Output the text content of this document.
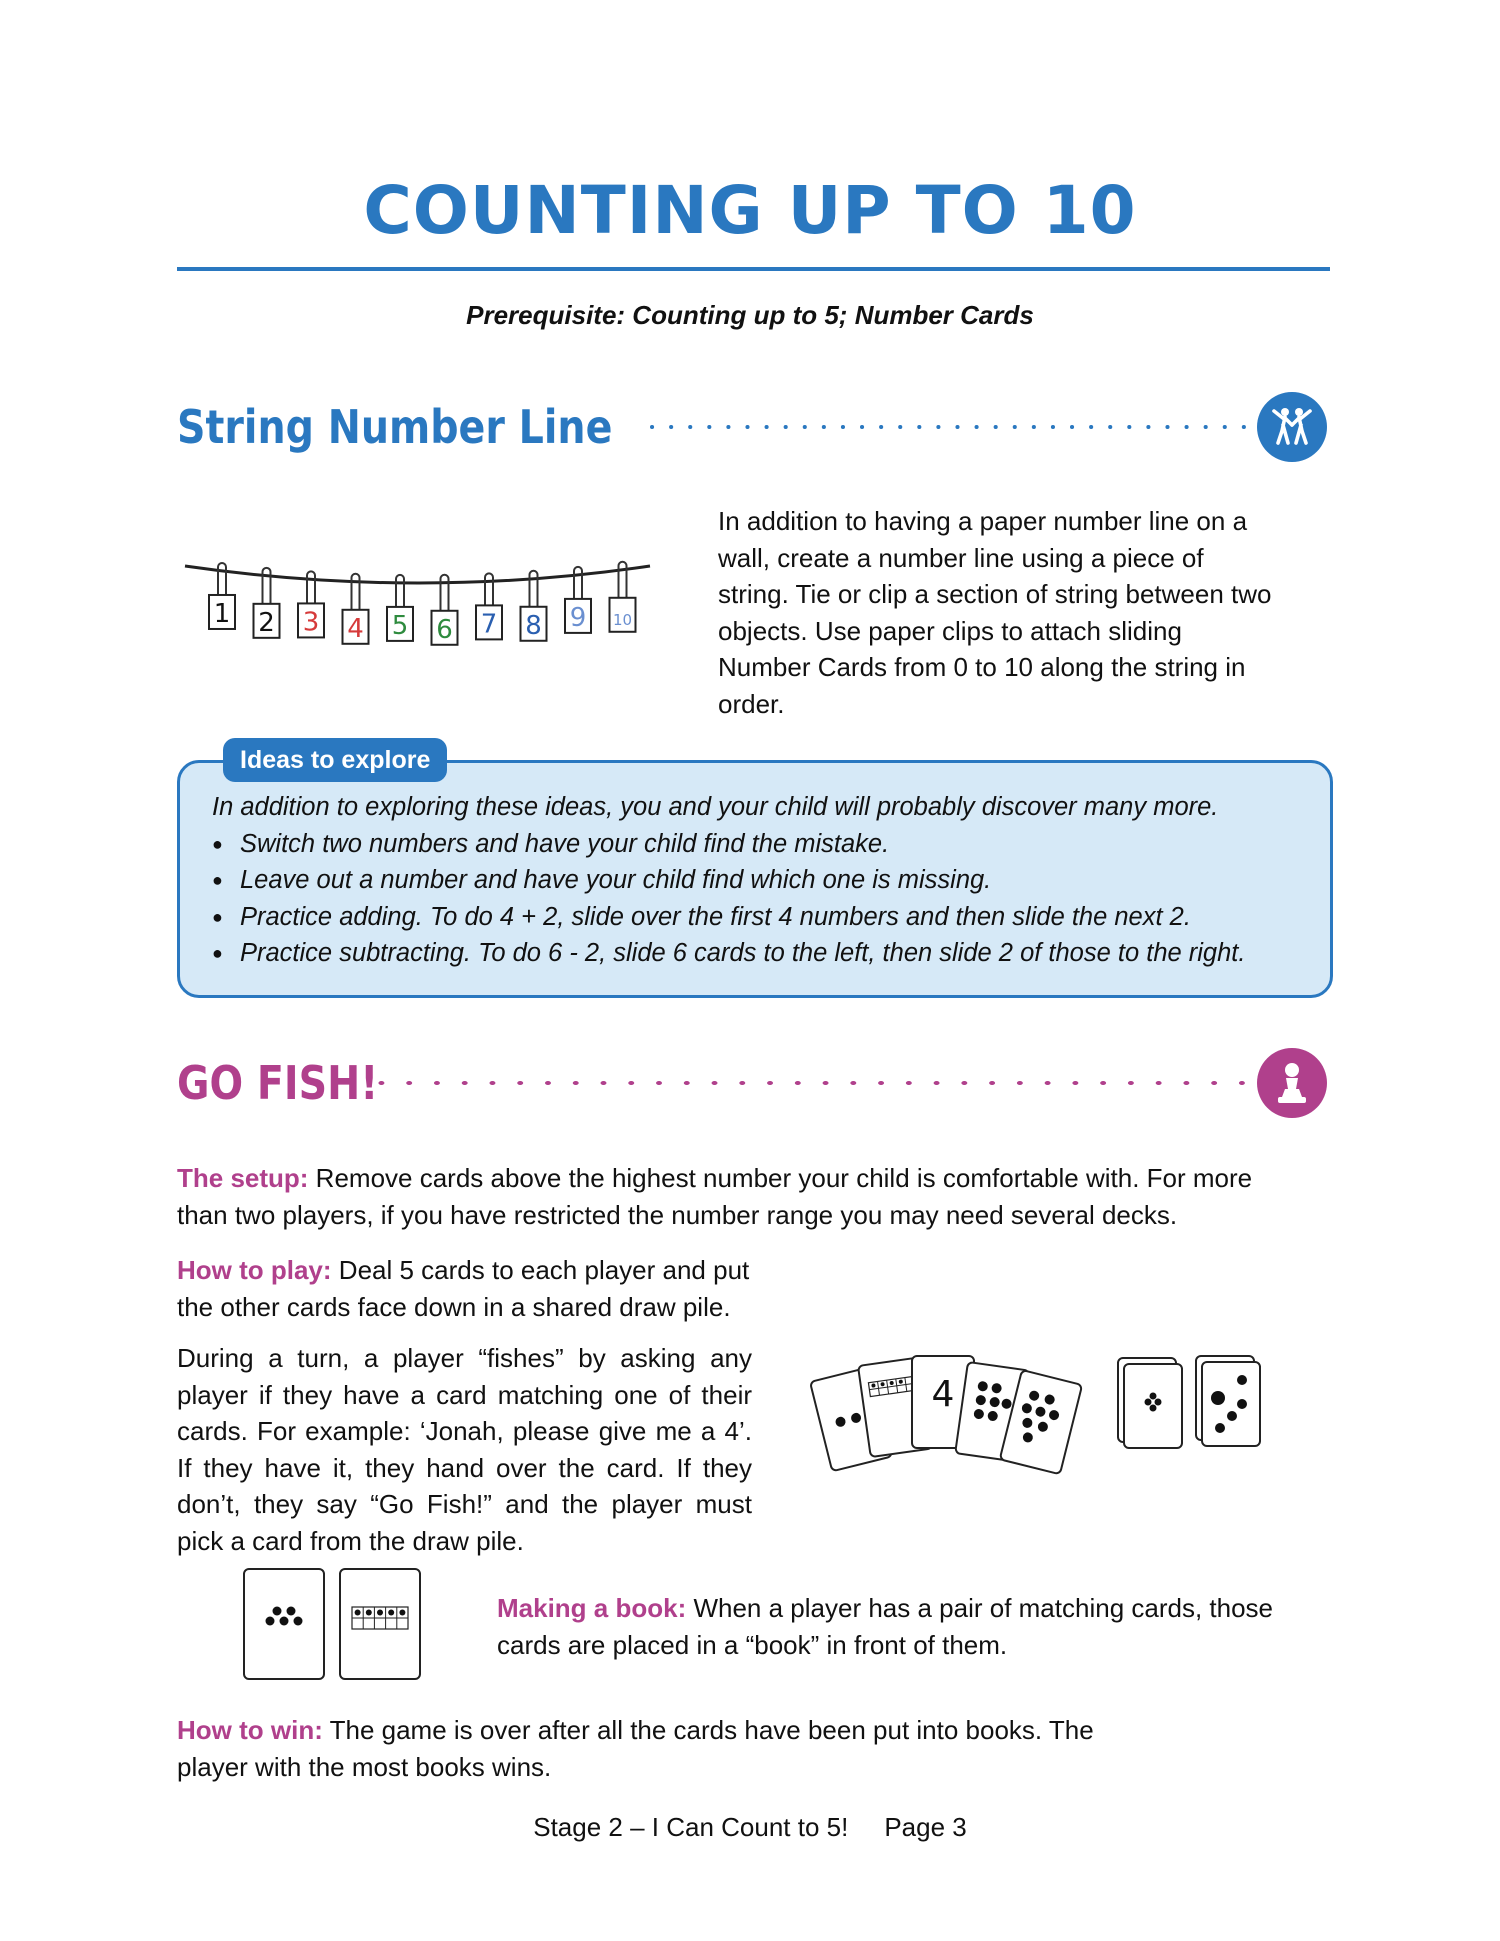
COUNTING UP TO 10
Prerequisite: Counting up to 5; Number Cards
String Number Line
1 2 3 4 5 6 7 8 9 10
In addition to having a paper number line on a wall, create a number line using a piece of string. Tie or clip a section of string between two objects. Use paper clips to attach sliding Number Cards from 0 to 10 along the string in order.
Ideas to explore
In addition to exploring these ideas, you and your child will probably discover many more.
● Switch two numbers and have your child find the mistake.
● Leave out a number and have your child find which one is missing.
● Practice adding. To do 4 + 2, slide over the first 4 numbers and then slide the next 2.
● Practice subtracting. To do 6 - 2, slide 6 cards to the left, then slide 2 of those to the right.
GO FISH!
The setup: Remove cards above the highest number your child is comfortable with. For more than two players, if you have restricted the number range you may need several decks.
How to play: Deal 5 cards to each player and put the other cards face down in a shared draw pile.
During a turn, a player “fishes” by asking any player if they have a card matching one of their cards. For example: ‘Jonah, please give me a 4’. If they have it, they hand over the card. If they don’t, they say “Go Fish!” and the player must pick a card from the draw pile.
4
Making a book: When a player has a pair of matching cards, those cards are placed in a “book” in front of them.
How to win: The game is over after all the cards have been put into books. The player with the most books wins.
Stage 2 – I Can Count to 5! Page 3
